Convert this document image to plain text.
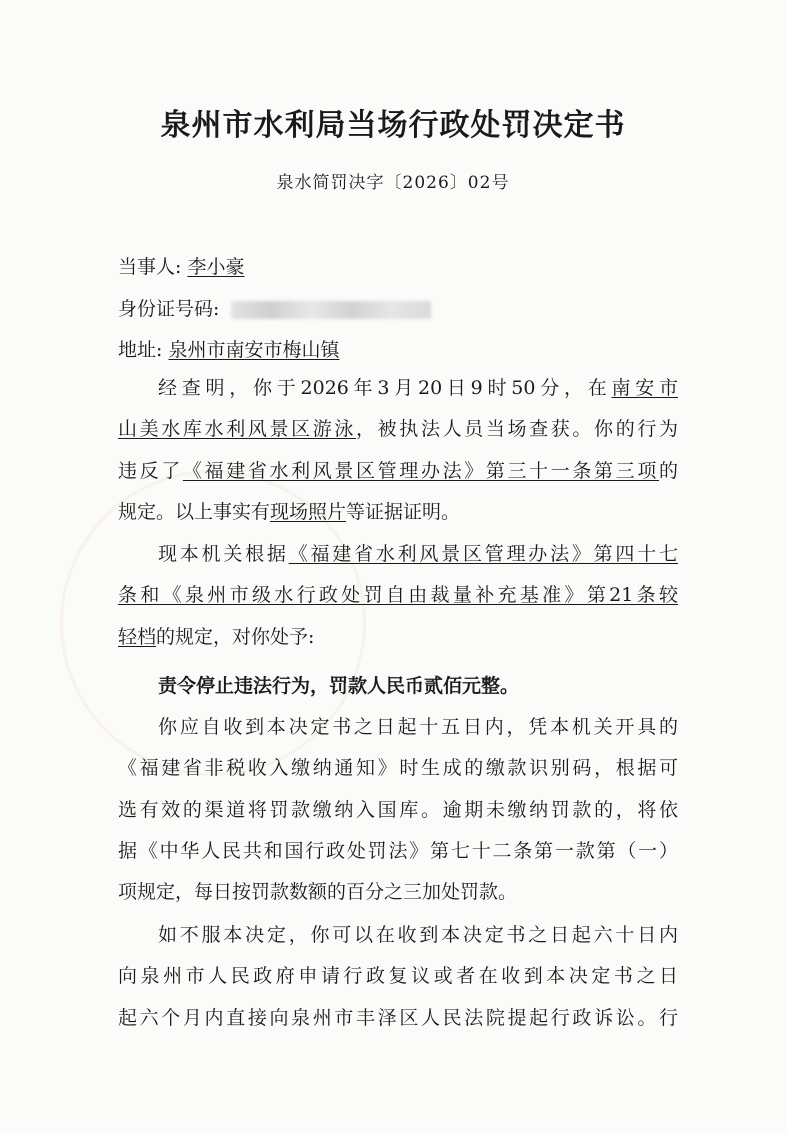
泉州市水利局当场行政处罚决定书
泉水简罚决字〔2026〕02号
当事人: 李小豪
身份证号码:
地址: 泉州市南安市梅山镇
经查明，你于2026年3月20日9时50分，在南安市
山美水库水利风景区游泳，被执法人员当场查获。你的行为
违反了《福建省水利风景区管理办法》第三十一条第三项的
规定。以上事实有现场照片等证据证明。
现本机关根据《福建省水利风景区管理办法》第四十七
条和《泉州市级水行政处罚自由裁量补充基准》第21条较
轻档的规定，对你处予:
责令停止违法行为，罚款人民币贰佰元整。
你应自收到本决定书之日起十五日内，凭本机关开具的
《福建省非税收入缴纳通知》时生成的缴款识别码，根据可
选有效的渠道将罚款缴纳入国库。逾期未缴纳罚款的，将依
据《中华人民共和国行政处罚法》第七十二条第一款第（一）
项规定，每日按罚款数额的百分之三加处罚款。
如不服本决定，你可以在收到本决定书之日起六十日内
向泉州市人民政府申请行政复议或者在收到本决定书之日
起六个月内直接向泉州市丰泽区人民法院提起行政诉讼。行
